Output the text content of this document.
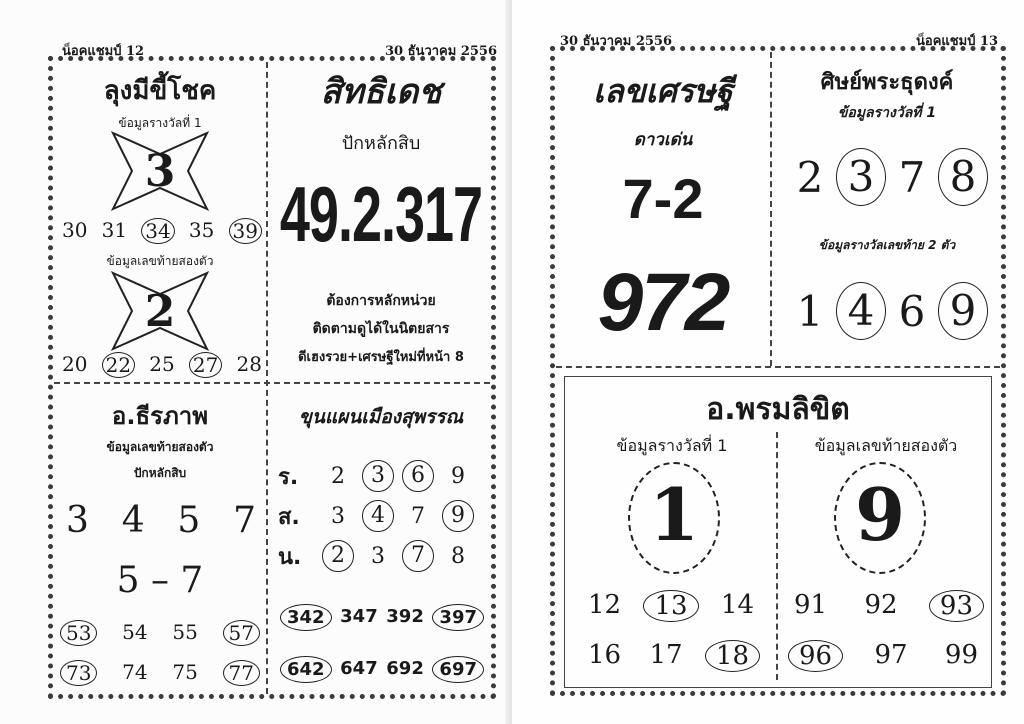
น็อคแชมป์ 12	30 ธันวาคม 2556
ลุงมีขี้โชค
ข้อมูลรางวัลที่ 1
3
30 31 34 35 39
ข้อมูลเลขท้ายสองตัว
2
20 22 25 27 28
สิทธิเดช
ปักหลักสิบ
49.2.317
ต้องการหลักหน่วย
ติดตามดูได้ในนิตยสาร
ดีเฮงรวย+เศรษฐีใหม่ที่หน้า 8
อ.ธีรภาพ
ข้อมูลเลขท้ายสองตัว
ปักหลักสิบ
3 4 5 7
5 – 7
53	54 55	57
73	74 75	77
ขุนแผนเมืองสุพรรณ
ร.	2	3	6	9
ส.	3	4	7	9
น.	2	3	7	8
342 347 392 397
642 647 692 697
30 ธันวาคม 2556	น็อคแชมป์ 13
เลขเศรษฐี
ดาวเด่น
7-2
972
ศิษย์พระธุดงค์
ข้อมูลรางวัลที่ 1
2 3 7 8
ข้อมูลรางวัลเลขท้าย 2 ตัว
1 4 6 9
อ.พรมลิขิต
ข้อมูลรางวัลที่ 1	ข้อมูลเลขท้ายสองตัว
1 9
12	13	14
16 17	18
91 92	93
96	97 99
